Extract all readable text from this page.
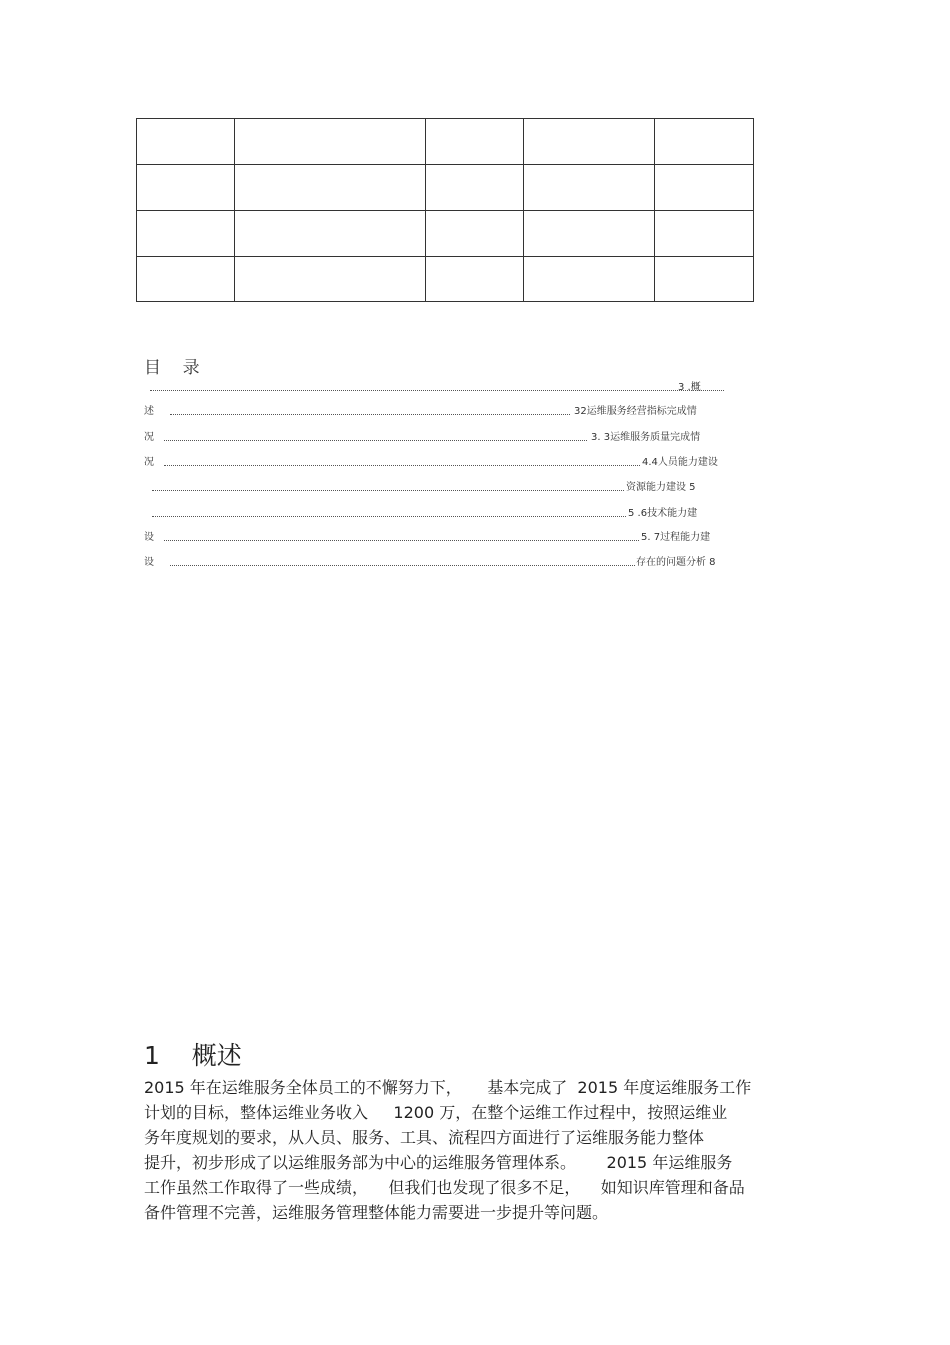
目    录
3 .概
述	32运维服务经营指标完成情
况	3. 3运维服务质量完成情
况	4.4人员能力建设
资源能力建设 5
5 .6技术能力建
设	5. 7过程能力建
设	存在的问题分析 8
1    概述
2015 年在运维服务全体员工的不懈努力下，     基本完成了  2015 年度运维服务工作
计划的目标，整体运维业务收入     1200 万，在整个运维工作过程中，按照运维业
务年度规划的要求，从人员、服务、工具、流程四方面进行了运维服务能力整体
提升，初步形成了以运维服务部为中心的运维服务管理体系。      2015 年运维服务
工作虽然工作取得了一些成绩，    但我们也发现了很多不足，    如知识库管理和备品
备件管理不完善，运维服务管理整体能力需要进一步提升等问题。
